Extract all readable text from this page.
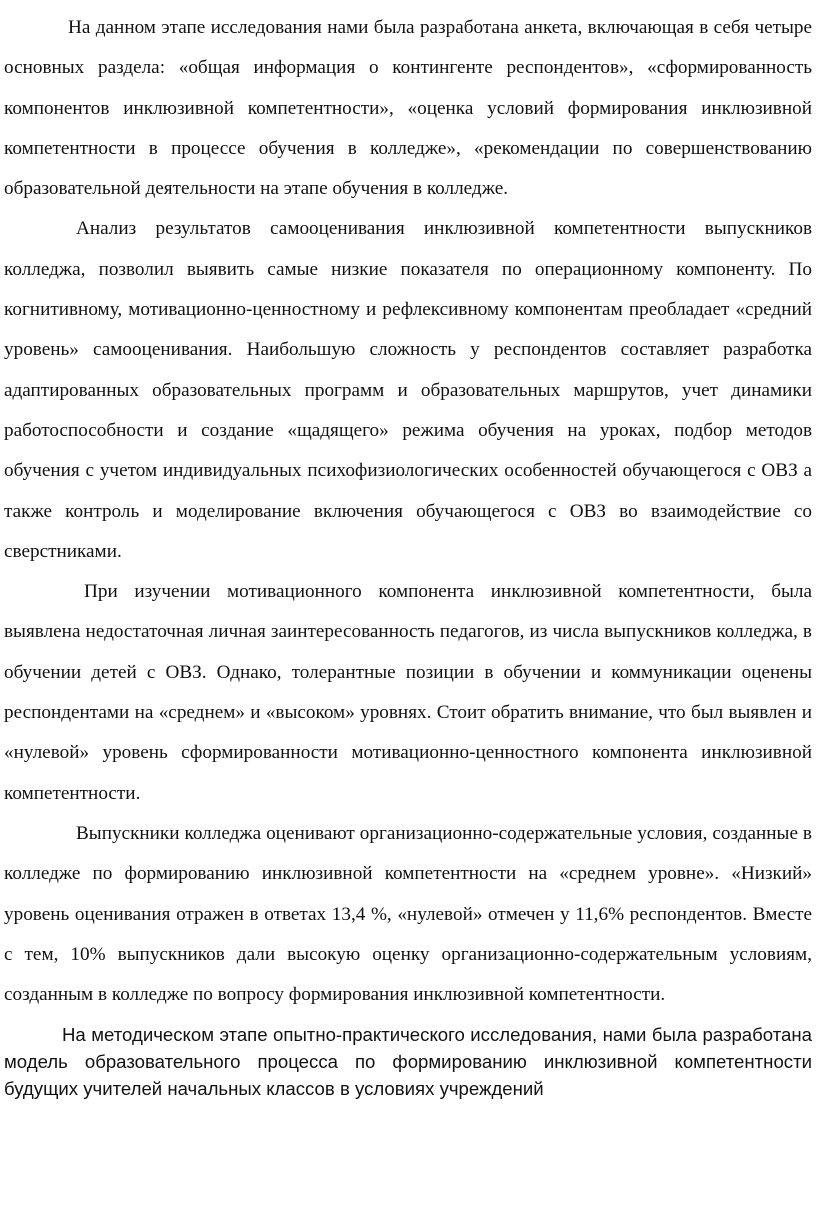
На данном этапе исследования нами была разработана анкета, включающая в себя четыре основных раздела: «общая информация о контингенте респондентов», «сформированность компонентов инклюзивной компетентности», «оценка условий формирования инклюзивной компетентности в процессе обучения в колледже», «рекомендации по совершенствованию образовательной деятельности на этапе обучения в колледже.

Анализ результатов самооценивания инклюзивной компетентности выпускников колледжа, позволил выявить самые низкие показателя по операционному компоненту. По когнитивному, мотивационно-ценностному и рефлексивному компонентам преобладает «средний уровень» самооценивания. Наибольшую сложность у респондентов составляет разработка адаптированных образовательных программ и образовательных маршрутов, учет динамики работоспособности и создание «щадящего» режима обучения на уроках, подбор методов обучения с учетом индивидуальных психофизиологических особенностей обучающегося с ОВЗ а также контроль и моделирование включения обучающегося с ОВЗ во взаимодействие со сверстниками.

При изучении мотивационного компонента инклюзивной компетентности, была выявлена недостаточная личная заинтересованность педагогов, из числа выпускников колледжа, в обучении детей с ОВЗ. Однако, толерантные позиции в обучении и коммуникации оценены респондентами на «среднем» и «высоком» уровнях. Стоит обратить внимание, что был выявлен и «нулевой» уровень сформированности мотивационно-ценностного компонента инклюзивной компетентности.

Выпускники колледжа оценивают организационно-содержательные условия, созданные в колледже по формированию инклюзивной компетентности на «среднем уровне». «Низкий» уровень оценивания отражен в ответах 13,4 %, «нулевой» отмечен у 11,6% респондентов. Вместе с тем, 10% выпускников дали высокую оценку организационно-содержательным условиям, созданным в колледже по вопросу формирования инклюзивной компетентности.

На методическом этапе опытно-практического исследования, нами была разработана модель образовательного процесса по формированию инклюзивной компетентности будущих учителей начальных классов в условиях учреждений
